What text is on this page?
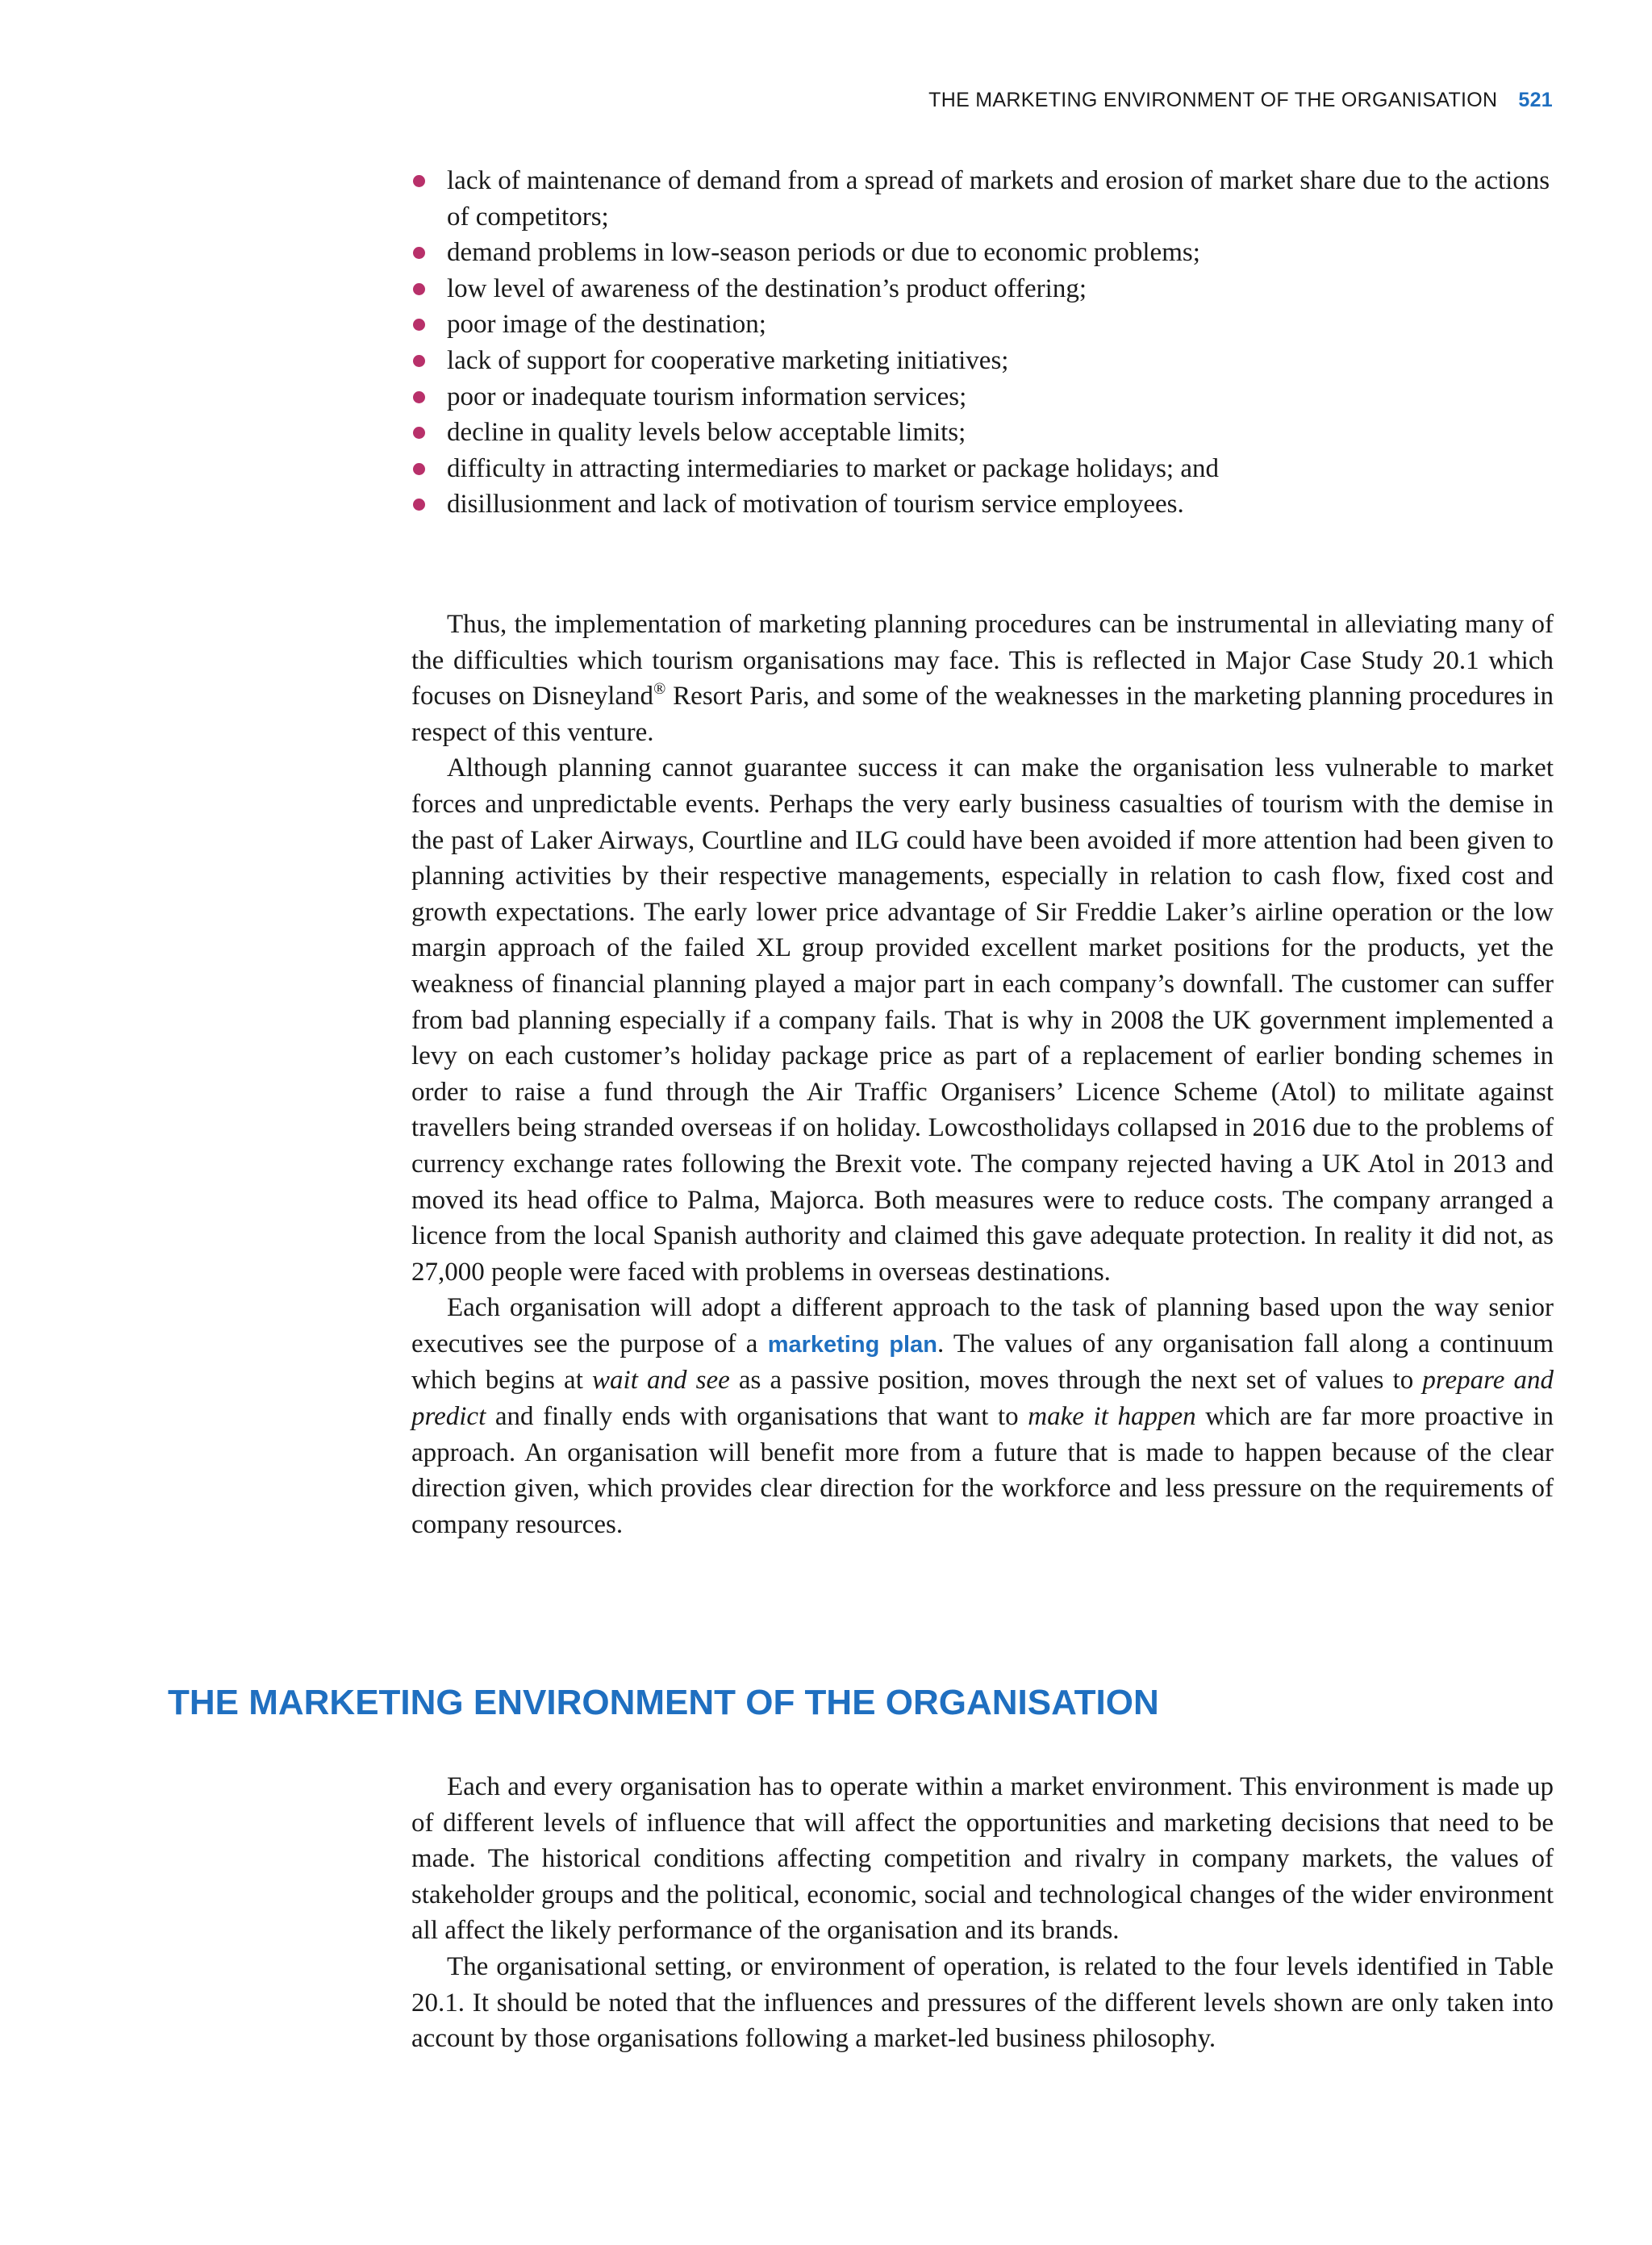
THE MARKETING ENVIRONMENT OF THE ORGANISATION 521
lack of maintenance of demand from a spread of markets and erosion of market share due to the actions of competitors;
demand problems in low-season periods or due to economic problems;
low level of awareness of the destination’s product offering;
poor image of the destination;
lack of support for cooperative marketing initiatives;
poor or inadequate tourism information services;
decline in quality levels below acceptable limits;
difficulty in attracting intermediaries to market or package holidays; and
disillusionment and lack of motivation of tourism service employees.

Thus, the implementation of marketing planning procedures can be instrumental in alleviating many of the difficulties which tourism organisations may face. This is reflected in Major Case Study 20.1 which focuses on Disneyland® Resort Paris, and some of the weaknesses in the marketing planning procedures in respect of this venture.

Although planning cannot guarantee success it can make the organisation less vulnerable to market forces and unpredictable events. Perhaps the very early business casualties of tourism with the demise in the past of Laker Airways, Courtline and ILG could have been avoided if more attention had been given to planning activities by their respective managements, especially in relation to cash flow, fixed cost and growth expectations. The early lower price advantage of Sir Freddie Laker’s airline operation or the low margin approach of the failed XL group provided excellent market positions for the products, yet the weakness of financial planning played a major part in each company’s downfall. The customer can suffer from bad planning especially if a company fails. That is why in 2008 the UK government implemented a levy on each customer’s holiday package price as part of a replacement of earlier bonding schemes in order to raise a fund through the Air Traffic Organisers’ Licence Scheme (Atol) to militate against travellers being stranded overseas if on holiday. Lowcostholidays collapsed in 2016 due to the problems of currency exchange rates following the Brexit vote. The company rejected having a UK Atol in 2013 and moved its head office to Palma, Majorca. Both measures were to reduce costs. The company arranged a licence from the local Spanish authority and claimed this gave adequate protection. In reality it did not, as 27,000 people were faced with problems in overseas destinations.

Each organisation will adopt a different approach to the task of planning based upon the way senior executives see the purpose of a marketing plan. The values of any organisation fall along a continuum which begins at wait and see as a passive position, moves through the next set of values to prepare and predict and finally ends with organisations that want to make it happen which are far more proactive in approach. An organisation will benefit more from a future that is made to happen because of the clear direction given, which provides clear direction for the workforce and less pressure on the requirements of company resources.

THE MARKETING ENVIRONMENT OF THE ORGANISATION

Each and every organisation has to operate within a market environment. This environment is made up of different levels of influence that will affect the opportunities and marketing decisions that need to be made. The historical conditions affecting competition and rivalry in company markets, the values of stakeholder groups and the political, economic, social and technological changes of the wider environment all affect the likely performance of the organisation and its brands.

The organisational setting, or environment of operation, is related to the four levels identified in Table 20.1. It should be noted that the influences and pressures of the different levels shown are only taken into account by those organisations following a market-led business philosophy.
